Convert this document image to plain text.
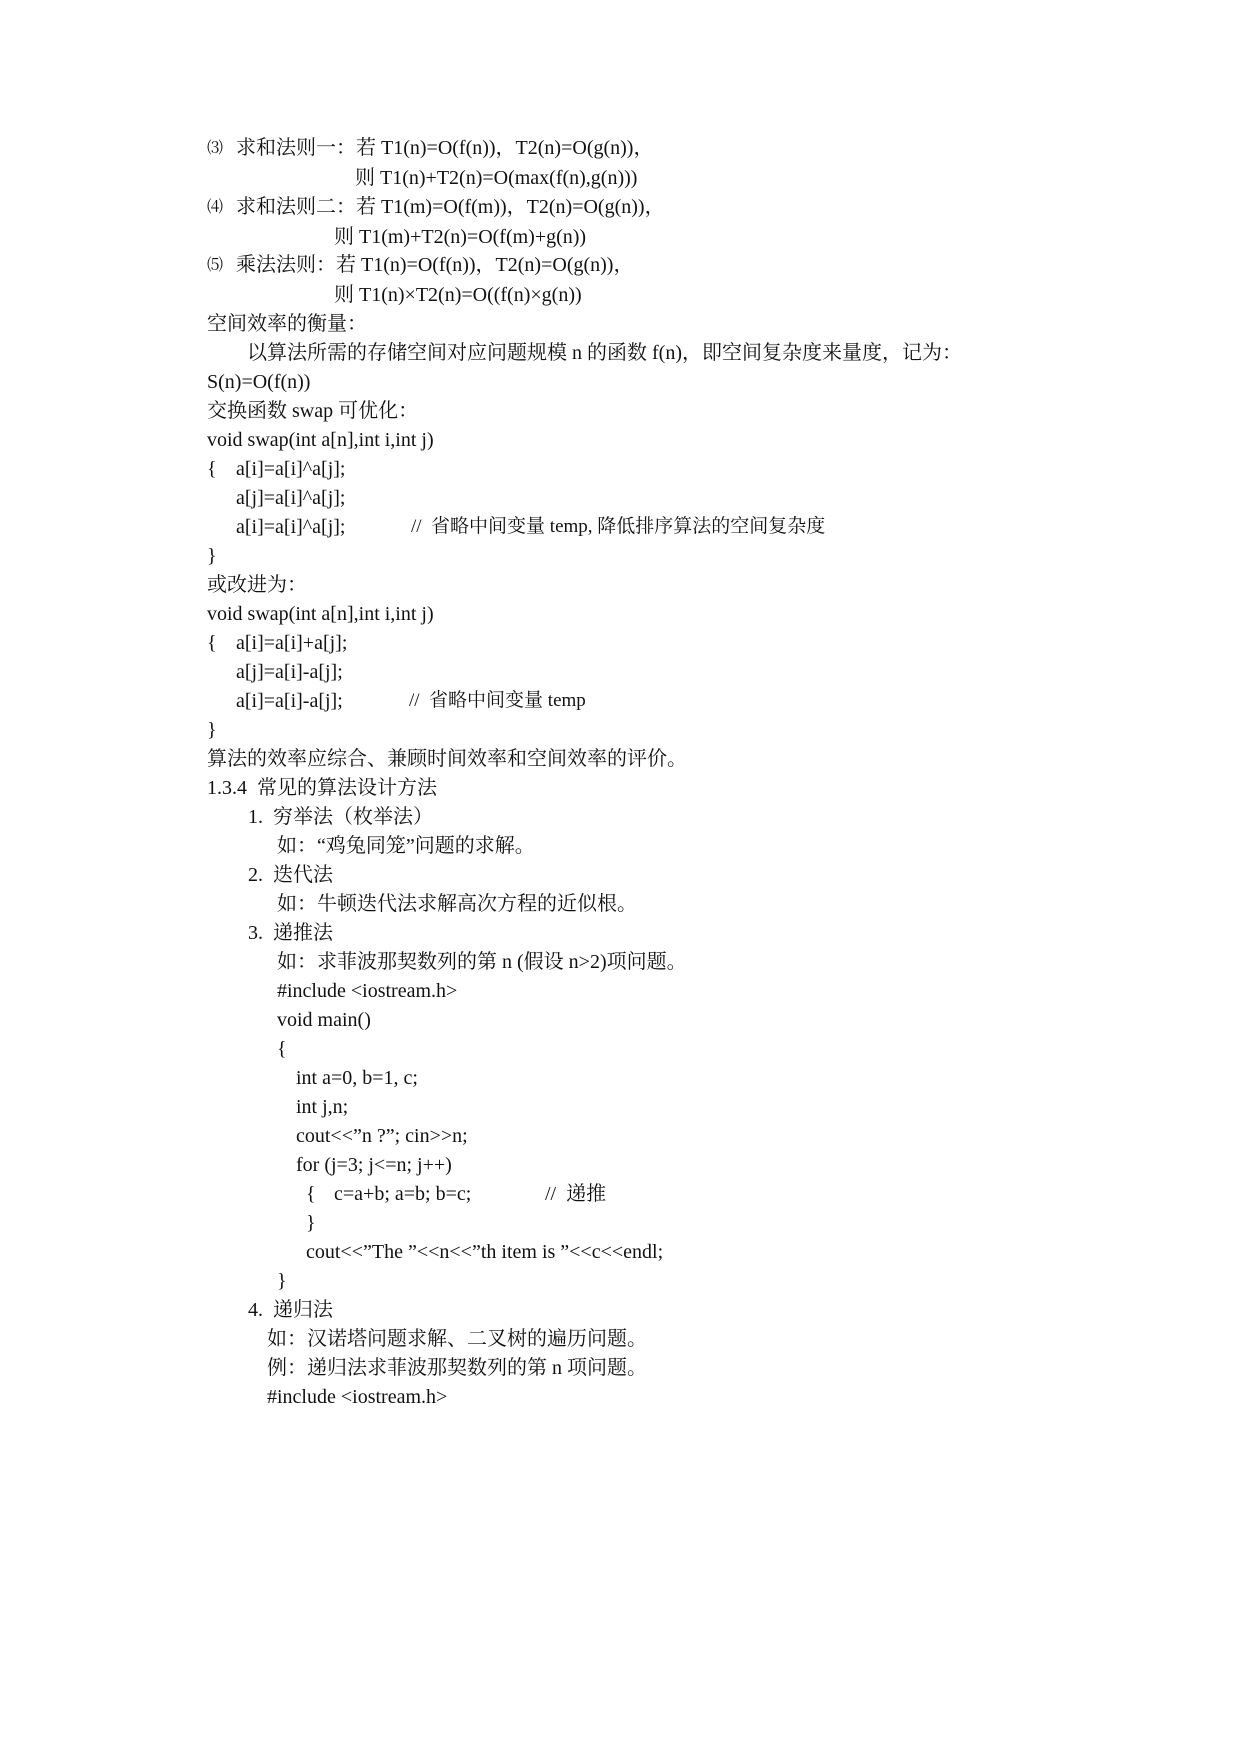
⑶ 求和法则一：若 T1(n)=O(f(n))，T2(n)=O(g(n))，
则 T1(n)+T2(n)=O(max(f(n),g(n)))
⑷ 求和法则二：若 T1(m)=O(f(m))，T2(n)=O(g(n))，
则 T1(m)+T2(n)=O(f(m)+g(n))
⑸ 乘法法则：若 T1(n)=O(f(n))，T2(n)=O(g(n))，
则 T1(n)×T2(n)=O((f(n)×g(n))
空间效率的衡量：
以算法所需的存储空间对应问题规模 n 的函数 f(n)，即空间复杂度来量度，记为：
S(n)=O(f(n))
交换函数 swap 可优化：
void swap(int a[n],int i,int j)
{ a[i]=a[i]^a[j];
a[j]=a[i]^a[j];
a[i]=a[i]^a[j];	//  省略中间变量 temp, 降低排序算法的空间复杂度
}
或改进为：
void swap(int a[n],int i,int j)
{ a[i]=a[i]+a[j];
a[j]=a[i]-a[j];
a[i]=a[i]-a[j];	//  省略中间变量 temp
}
算法的效率应综合、兼顾时间效率和空间效率的评价。
1.3.4  常见的算法设计方法
1.  穷举法（枚举法）
如：“鸡兔同笼”问题的求解。
2.  迭代法
如：牛顿迭代法求解高次方程的近似根。
3.  递推法
如：求菲波那契数列的第 n (假设 n>2)项问题。
#include <iostream.h>
void main()
{
int a=0, b=1, c;
int j,n;
cout<<”n ?”; cin>>n;
for (j=3; j<=n; j++)
{ c=a+b; a=b; b=c;	//  递推
}
cout<<”The ”<<n<<”th item is ”<<c<<endl;
}
4.  递归法
如：汉诺塔问题求解、二叉树的遍历问题。
例：递归法求菲波那契数列的第 n 项问题。
#include <iostream.h>
